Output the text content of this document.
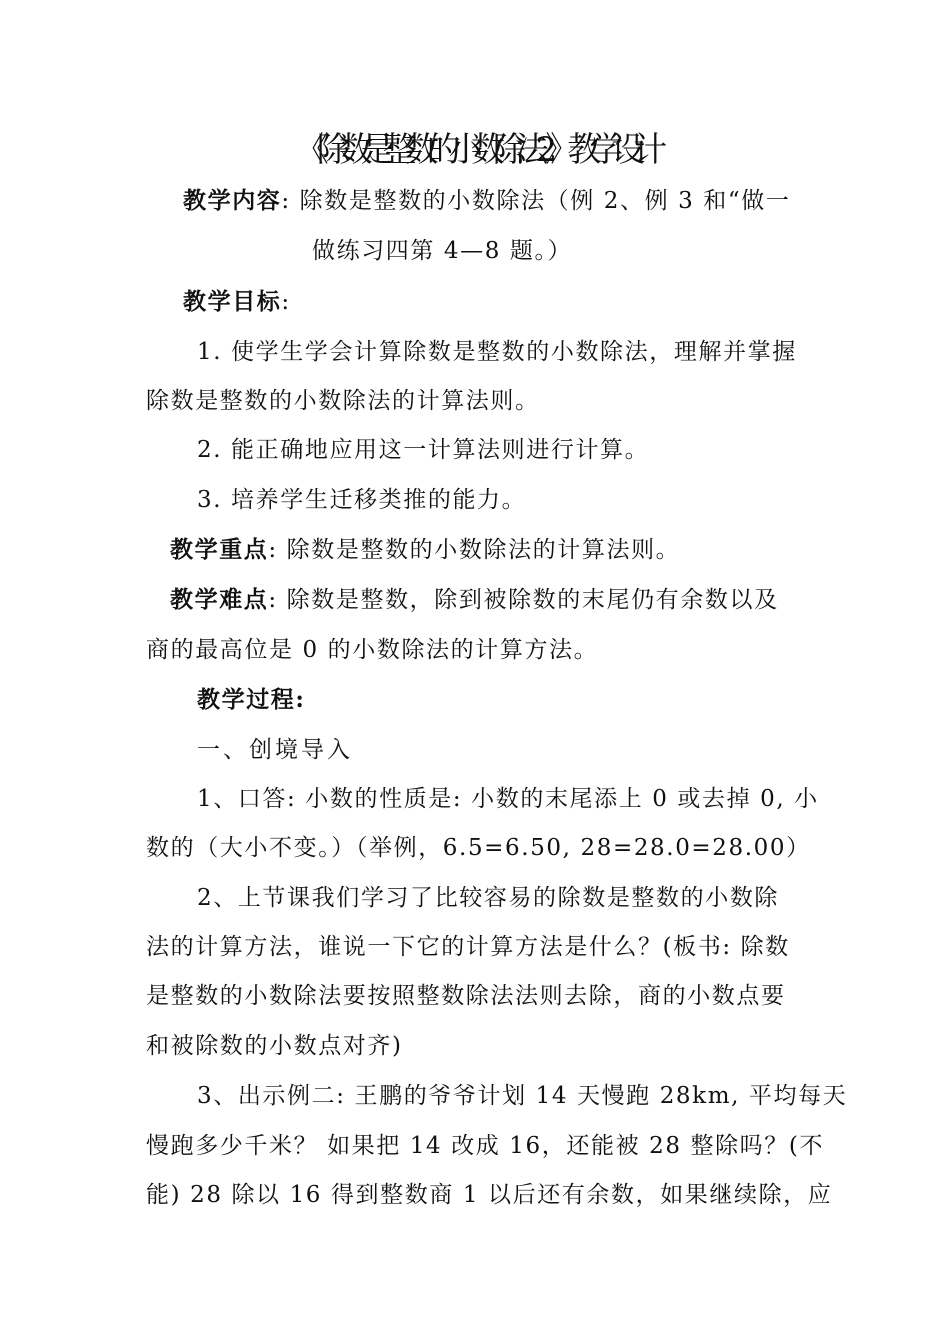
《除数是整数的小数除法 2》教学设计
教学内容: 除数是整数的小数除法（例 2、例 3 和“做一
做练习四第 4—8 题。）
教学目标:
1. 使学生学会计算除数是整数的小数除法，理解并掌握
除数是整数的小数除法的计算法则。
2. 能正确地应用这一计算法则进行计算。
3. 培养学生迁移类推的能力。
教学重点: 除数是整数的小数除法的计算法则。
教学难点: 除数是整数，除到被除数的末尾仍有余数以及
商的最高位是 0 的小数除法的计算方法。
教学过程:
一、创境导入
1、口答: 小数的性质是: 小数的末尾添上 0 或去掉 0, 小
数的（大小不变。）（举例，6.5=6.50, 28=28.0=28.00）
2、上节课我们学习了比较容易的除数是整数的小数除
法的计算方法，谁说一下它的计算方法是什么？(板书: 除数
是整数的小数除法要按照整数除法法则去除，商的小数点要
和被除数的小数点对齐)
3、出示例二: 王鹏的爷爷计划 14 天慢跑 28km, 平均每天
慢跑多少千米？ 如果把 14 改成 16，还能被 28 整除吗？(不
能) 28 除以 16 得到整数商 1 以后还有余数，如果继续除，应
